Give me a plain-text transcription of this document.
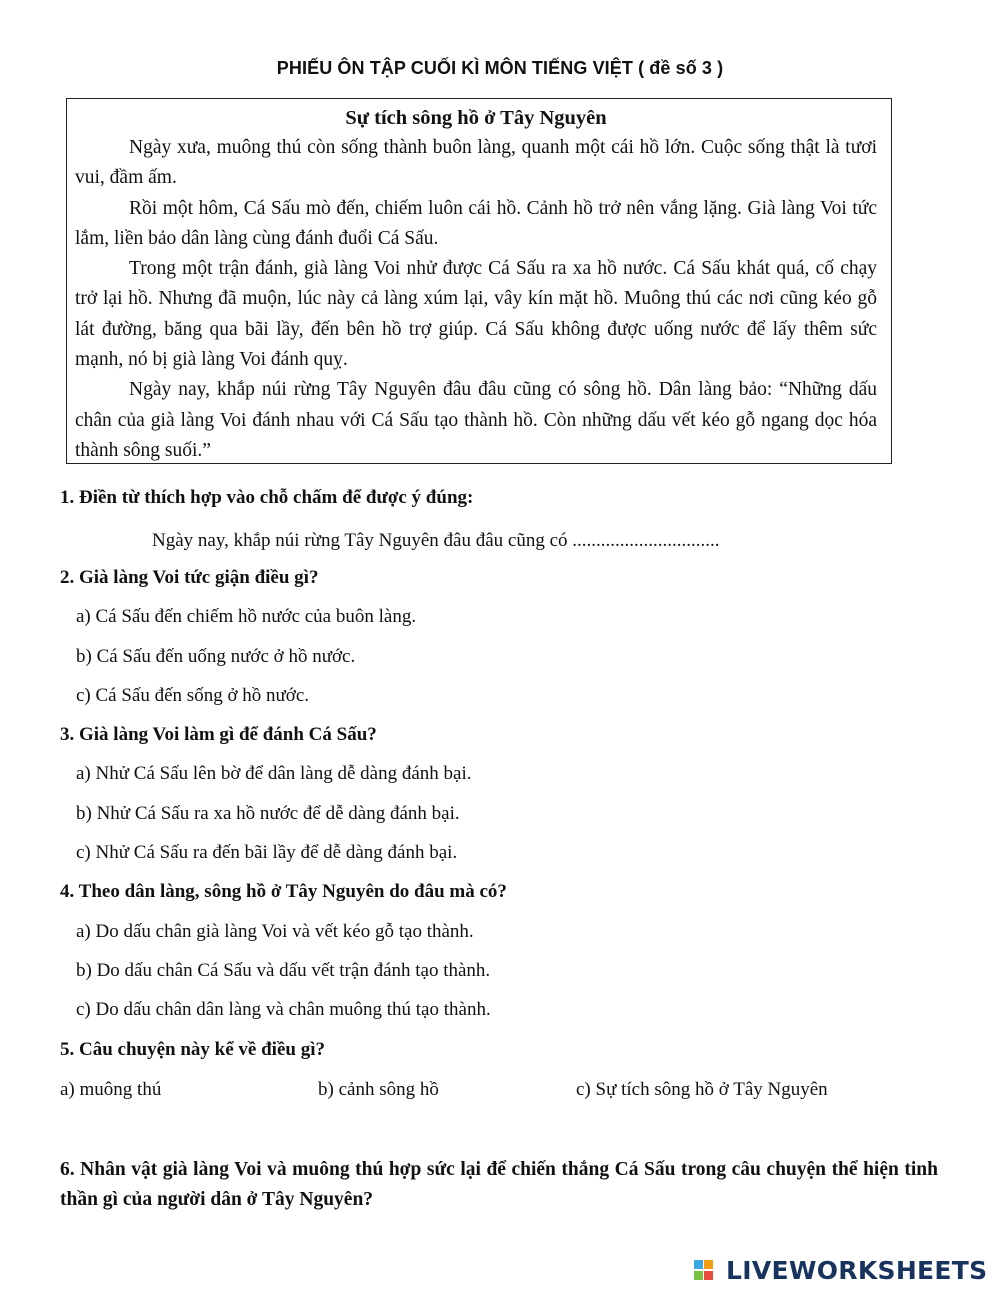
PHIẾU ÔN TẬP CUỐI KÌ MÔN TIẾNG VIỆT ( đề số 3 )

Sự tích sông hồ ở Tây Nguyên

Ngày xưa, muông thú còn sống thành buôn làng, quanh một cái hồ lớn. Cuộc sống thật là tươi vui, đầm ấm.

Rồi một hôm, Cá Sấu mò đến, chiếm luôn cái hồ. Cảnh hồ trở nên vắng lặng. Già làng Voi tức lắm, liền bảo dân làng cùng đánh đuổi Cá Sấu.

Trong một trận đánh, già làng Voi nhử được Cá Sấu ra xa hồ nước. Cá Sấu khát quá, cố chạy trở lại hồ. Nhưng đã muộn, lúc này cả làng xúm lại, vây kín mặt hồ. Muông thú các nơi cũng kéo gỗ lát đường, băng qua bãi lầy, đến bên hồ trợ giúp. Cá Sấu không được uống nước để lấy thêm sức mạnh, nó bị già làng Voi đánh quỵ.

Ngày nay, khắp núi rừng Tây Nguyên đâu đâu cũng có sông hồ. Dân làng bảo: “Những dấu chân của già làng Voi đánh nhau với Cá Sấu tạo thành hồ. Còn những dấu vết kéo gỗ ngang dọc hóa thành sông suối.”

1. Điền từ thích hợp vào chỗ chấm để được ý đúng:

Ngày nay, khắp núi rừng Tây Nguyên đâu đâu cũng có ...............................

2. Già làng Voi tức giận điều gì?

a) Cá Sấu đến chiếm hồ nước của buôn làng.

b) Cá Sấu đến uống nước ở hồ nước.

c) Cá Sấu đến sống ở hồ nước.

3. Già làng Voi làm gì để đánh Cá Sấu?

a) Nhử Cá Sấu lên bờ để dân làng dễ dàng đánh bại.

b) Nhử Cá Sấu ra xa hồ nước để dễ dàng đánh bại.

c) Nhử Cá Sấu ra đến bãi lầy để dễ dàng đánh bại.

4. Theo dân làng, sông hồ ở Tây Nguyên do đâu mà có?

a) Do dấu chân già làng Voi và vết kéo gỗ tạo thành.

b) Do dấu chân Cá Sấu và dấu vết trận đánh tạo thành.

c) Do dấu chân dân làng và chân muông thú tạo thành.

5. Câu chuyện này kể về điều gì?

a) muông thú	b) cảnh sông hồ	c) Sự tích sông hồ ở Tây Nguyên

6. Nhân vật già làng Voi và muông thú hợp sức lại để chiến thắng Cá Sấu trong câu chuyện thể hiện tinh thần gì của người dân ở Tây Nguyên?

LIVEWORKSHEETS
